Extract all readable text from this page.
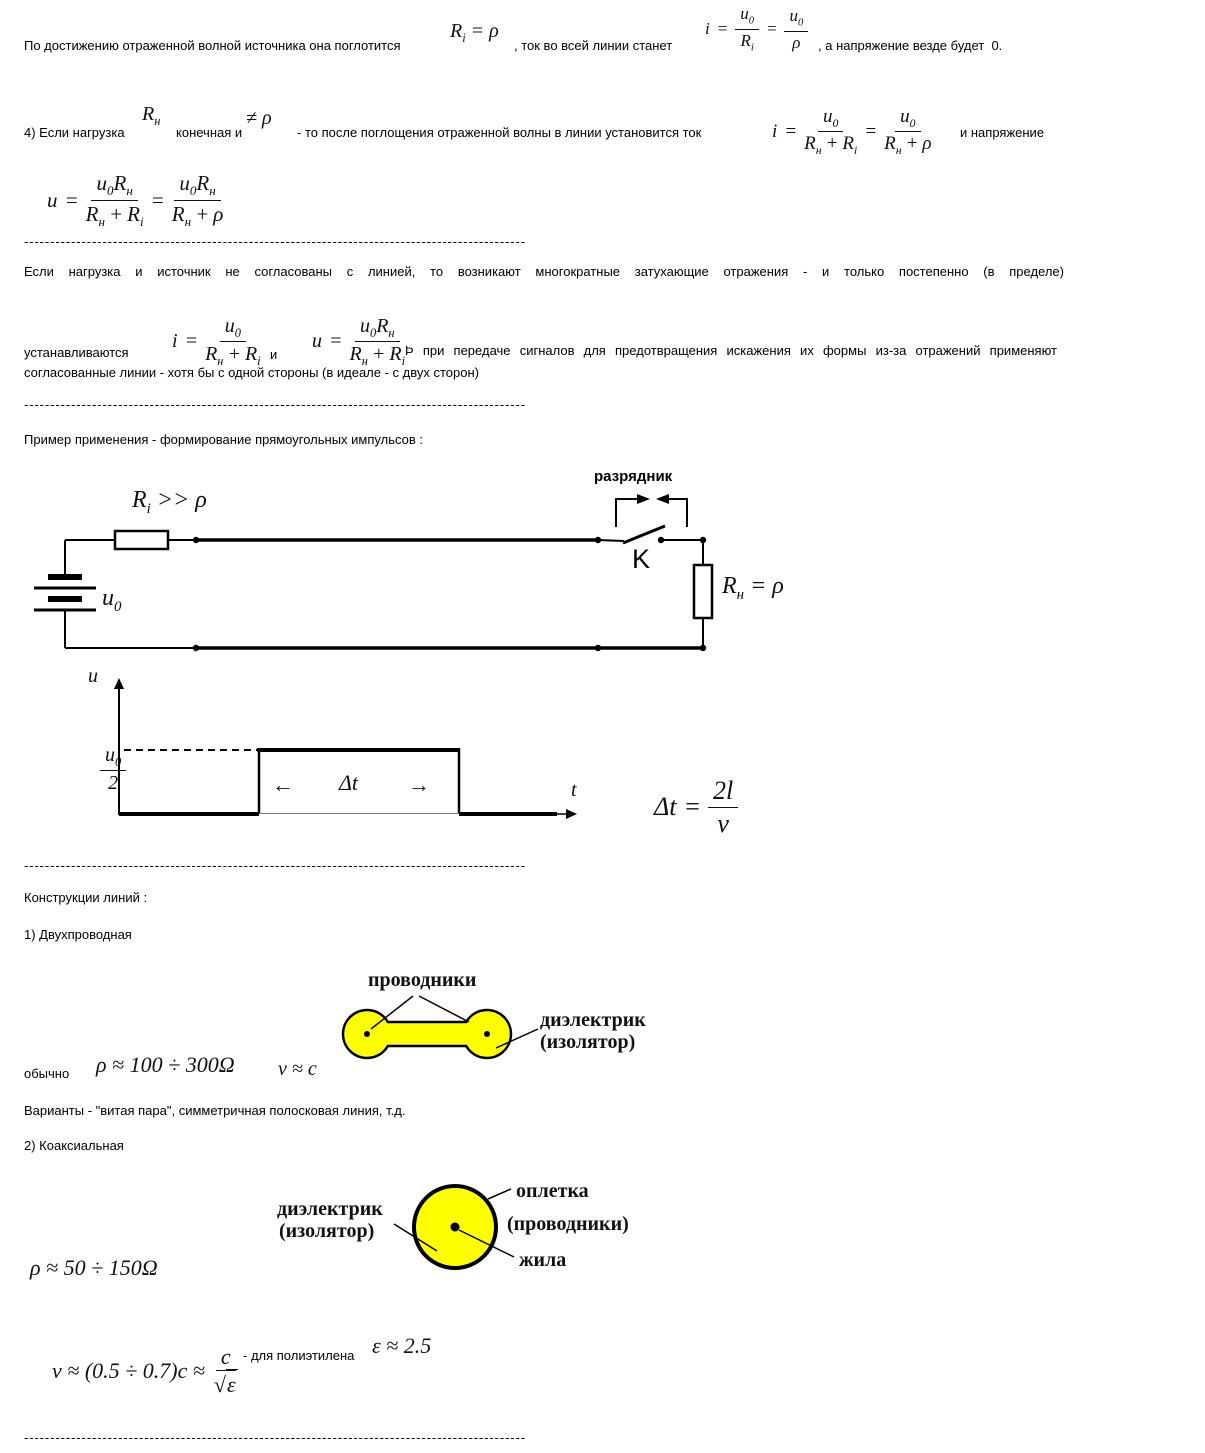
По достижению отраженной волной источника она поглотится
$R_i = \rho$
, ток во всей линии станет

$i = \frac{u_0}{R_i} = \frac{u_0}{\rho}$

, а напряжение везде будет  0.

$i = \frac{u_0}{R_н + R_i} = \frac{u_0}{R_н + \rho}$

4) Если нагрузка
$R_н$
конечная и
≠ ρ
- то после поглощения отраженной волны в линии установится ток	и напряжение

$u = \frac{u_0R_н}{R_н + R_i} = \frac{u_0R_н}{R_н + \rho}$

------------------------------------------------------------------------------------------------
Если нагрузка и источник не согласованы с линией, то возникают многократные затухающие отражения - и только постепенно (в пределе)

$i = \frac{u_0}{R_н + R_i}$

и

$u = \frac{u_0R_н}{R_н + R_i}$

устанавливаются	Þ при передаче сигналов для предотвращения искажения их формы из-за отражений применяют
согласованные линии - хотя бы с одной стороны (в идеале - с двух сторон)
------------------------------------------------------------------------------------------------
Пример применения - формирование прямоугольных импульсов :
$R_i >> \rho$
разрядник
K
$u_0$
$R_н = \rho$
u

$\frac{u_0}{2}$

	← Δt →	t

$\Delta t = \frac{2l}{v}$

------------------------------------------------------------------------------------------------
Конструкции линий :
1) Двухпроводная
проводники
диэлектрик
(изолятор)
обычно ρ ≈ 100 ÷ 300Ω v ≈ c
Варианты - "витая пара", симметричная полосковая линия, т.д.
2) Коаксиальная
диэлектрик
(изолятор)
оплетка
(проводники)
жила
ρ ≈ 50 ÷ 150Ω

$v \approx (0.5 \div 0.7)c \approx \frac{c}{√\varepsilon}$

- для полиэтилена ε ≈ 2.5
------------------------------------------------------------------------------------------------
